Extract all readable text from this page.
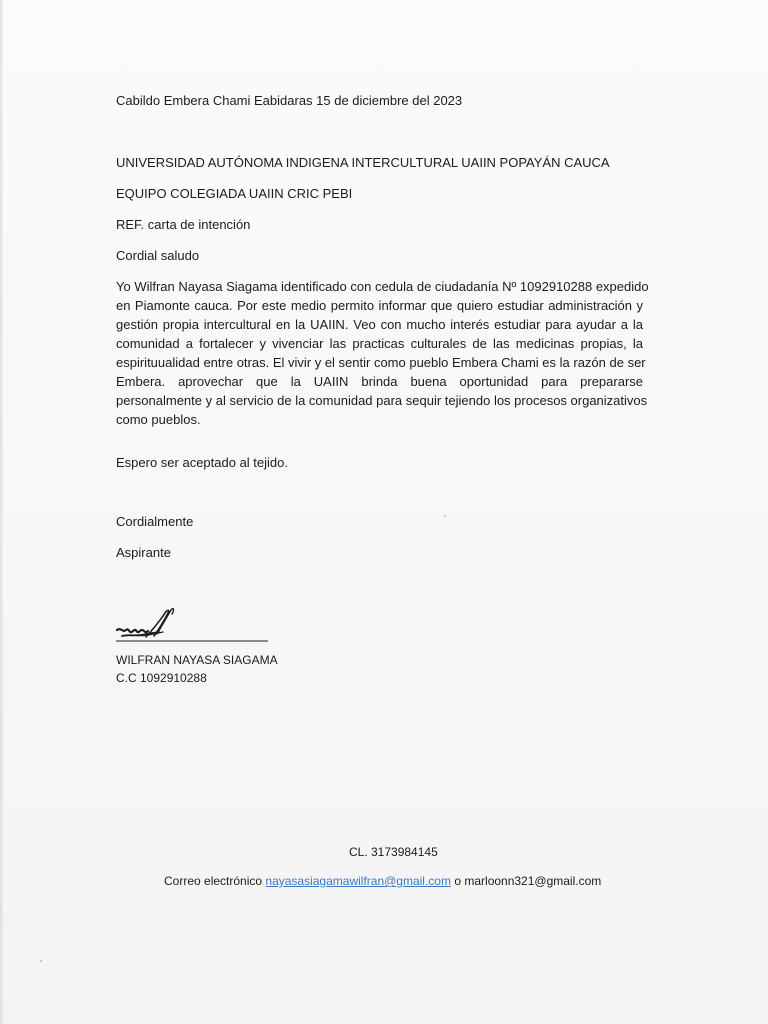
Cabildo Embera Chami Eabidaras 15 de diciembre del 2023

UNIVERSIDAD AUTÓNOMA INDIGENA INTERCULTURAL UAIIN POPAYÁN CAUCA

EQUIPO COLEGIADA UAIIN CRIC PEBI

REF. carta de intención

Cordial saludo

Yo Wilfran Nayasa Siagama identificado con cedula de ciudadanía Nº 1092910288 expedido
en Piamonte cauca. Por este medio permito informar que quiero estudiar administración y
gestión propia intercultural en la UAIIN. Veo con mucho interés estudiar para ayudar a la
comunidad a fortalecer y vivenciar las practicas culturales de las medicinas propias, la
espirituualidad entre otras. El vivir y el sentir como pueblo Embera Chami es la razón de ser
Embera. aprovechar que la UAIIN brinda buena oportunidad para prepararse
personalmente y al servicio de la comunidad para sequir tejiendo los procesos organizativos
como pueblos.

Espero ser aceptado al tejido.

Cordialmente

Aspirante

WILFRAN NAYASA SIAGAMA

C.C 1092910288

CL. 3173984145

Correo electrónico nayasasiagamawilfran@gmail.com o marloonn321@gmail.com
